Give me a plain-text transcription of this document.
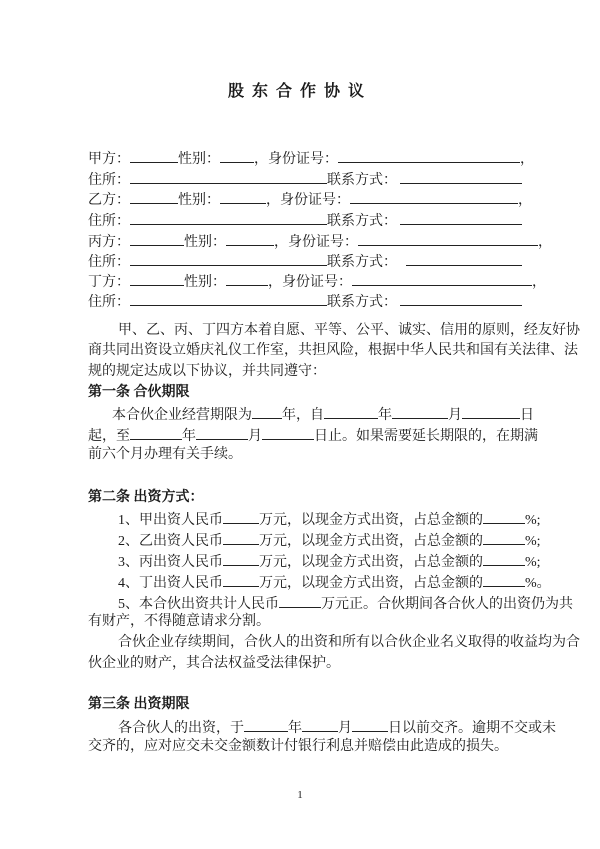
股东合作协议
甲方：	性别： ，身份证号：	，
住所：	联系方式：
乙方：	性别：	，身份证号：	，
住所：	联系方式：
丙方：	性别：	，身份证号：	，
住所：	联系方式：
丁方：	性别：	，身份证号：	，
住所：	联系方式：
甲、乙、丙、丁四方本着自愿、平等、公平、诚实、信用的原则，经友好协
商共同出资设立婚庆礼仪工作室，共担风险，根据中华人民共和国有关法律、法
规的规定达成以下协议，并共同遵守：
第一条 合伙期限
本合伙企业经营期限为 年，自	年	月	日
起，至	年	月	日止。如果需要延长期限的，在期满
前六个月办理有关手续。
第二条 出资方式：
1、甲出资人民币	万元，以现金方式出资，占总金额的	%;
2、乙出资人民币	万元，以现金方式出资，占总金额的	%;
3、丙出资人民币	万元，以现金方式出资，占总金额的	%;
4、丁出资人民币	万元，以现金方式出资，占总金额的	%。
5、本合伙出资共计人民币	万元正。合伙期间各合伙人的出资仍为共
有财产，不得随意请求分割。
合伙企业存续期间，合伙人的出资和所有以合伙企业名义取得的收益均为合
伙企业的财产，其合法权益受法律保护。
第三条 出资期限
各合伙人的出资，于	年	月	日以前交齐。逾期不交或未
交齐的，应对应交未交金额数计付银行利息并赔偿由此造成的损失。
1
